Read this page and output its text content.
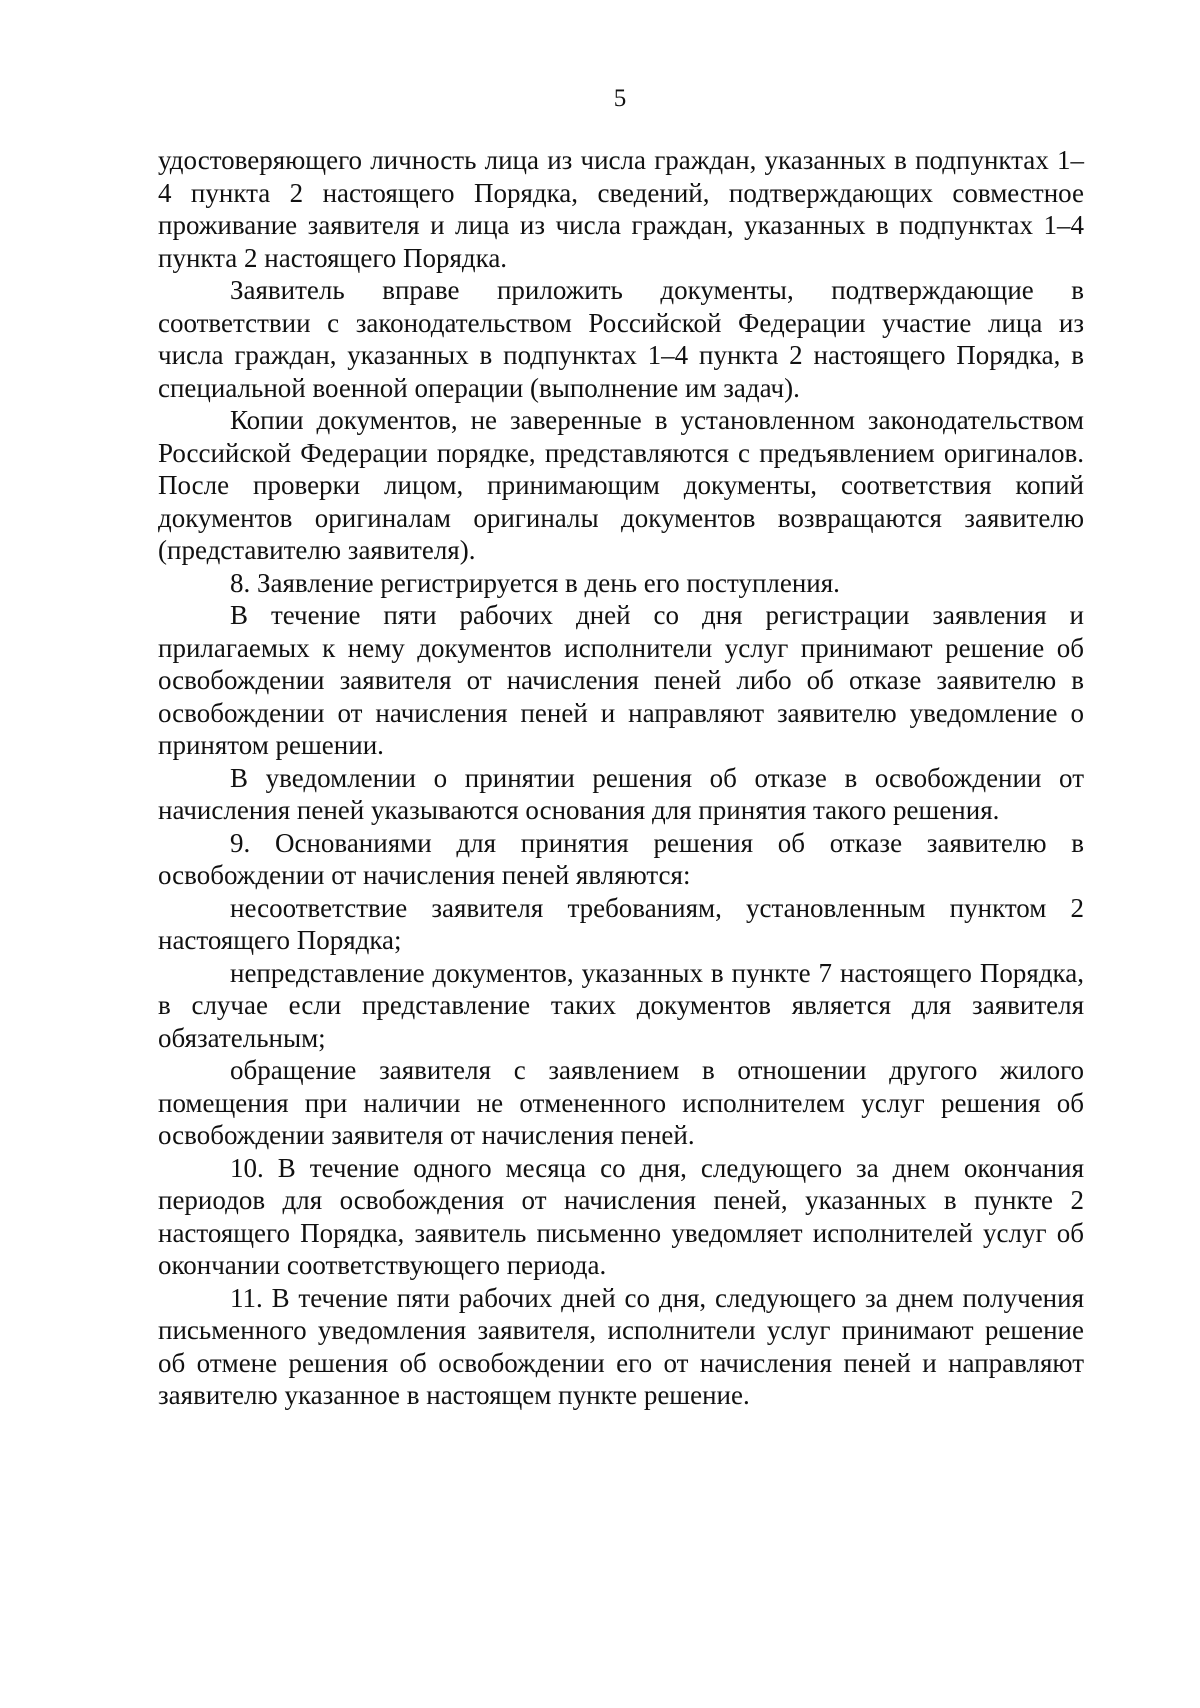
5

удостоверяющего личность лица из числа граждан, указанных в подпунктах 1–4 пункта 2 настоящего Порядка, сведений, подтверждающих совместное проживание заявителя и лица из числа граждан, указанных в подпунктах 1–4 пункта 2 настоящего Порядка.

Заявитель вправе приложить документы, подтверждающие в соответствии с законодательством Российской Федерации участие лица из числа граждан, указанных в подпунктах 1–4 пункта 2 настоящего Порядка, в специальной военной операции (выполнение им задач).

Копии документов, не заверенные в установленном законодательством Российской Федерации порядке, представляются с предъявлением оригиналов. После проверки лицом, принимающим документы, соответствия копий документов оригиналам оригиналы документов возвращаются заявителю (представителю заявителя).

8. Заявление регистрируется в день его поступления.

В течение пяти рабочих дней со дня регистрации заявления и прилагаемых к нему документов исполнители услуг принимают решение об освобождении заявителя от начисления пеней либо об отказе заявителю в освобождении от начисления пеней и направляют заявителю уведомление о принятом решении.

В уведомлении о принятии решения об отказе в освобождении от начисления пеней указываются основания для принятия такого решения.

9. Основаниями для принятия решения об отказе заявителю в освобождении от начисления пеней являются:

несоответствие заявителя требованиям, установленным пунктом 2 настоящего Порядка;

непредставление документов, указанных в пункте 7 настоящего Порядка, в случае если представление таких документов является для заявителя обязательным;

обращение заявителя с заявлением в отношении другого жилого помещения при наличии не отмененного исполнителем услуг решения об освобождении заявителя от начисления пеней.

10. В течение одного месяца со дня, следующего за днем окончания периодов для освобождения от начисления пеней, указанных в пункте 2 настоящего Порядка, заявитель письменно уведомляет исполнителей услуг об окончании соответствующего периода.

11. В течение пяти рабочих дней со дня, следующего за днем получения письменного уведомления заявителя, исполнители услуг принимают решение об отмене решения об освобождении его от начисления пеней и направляют заявителю указанное в настоящем пункте решение.
